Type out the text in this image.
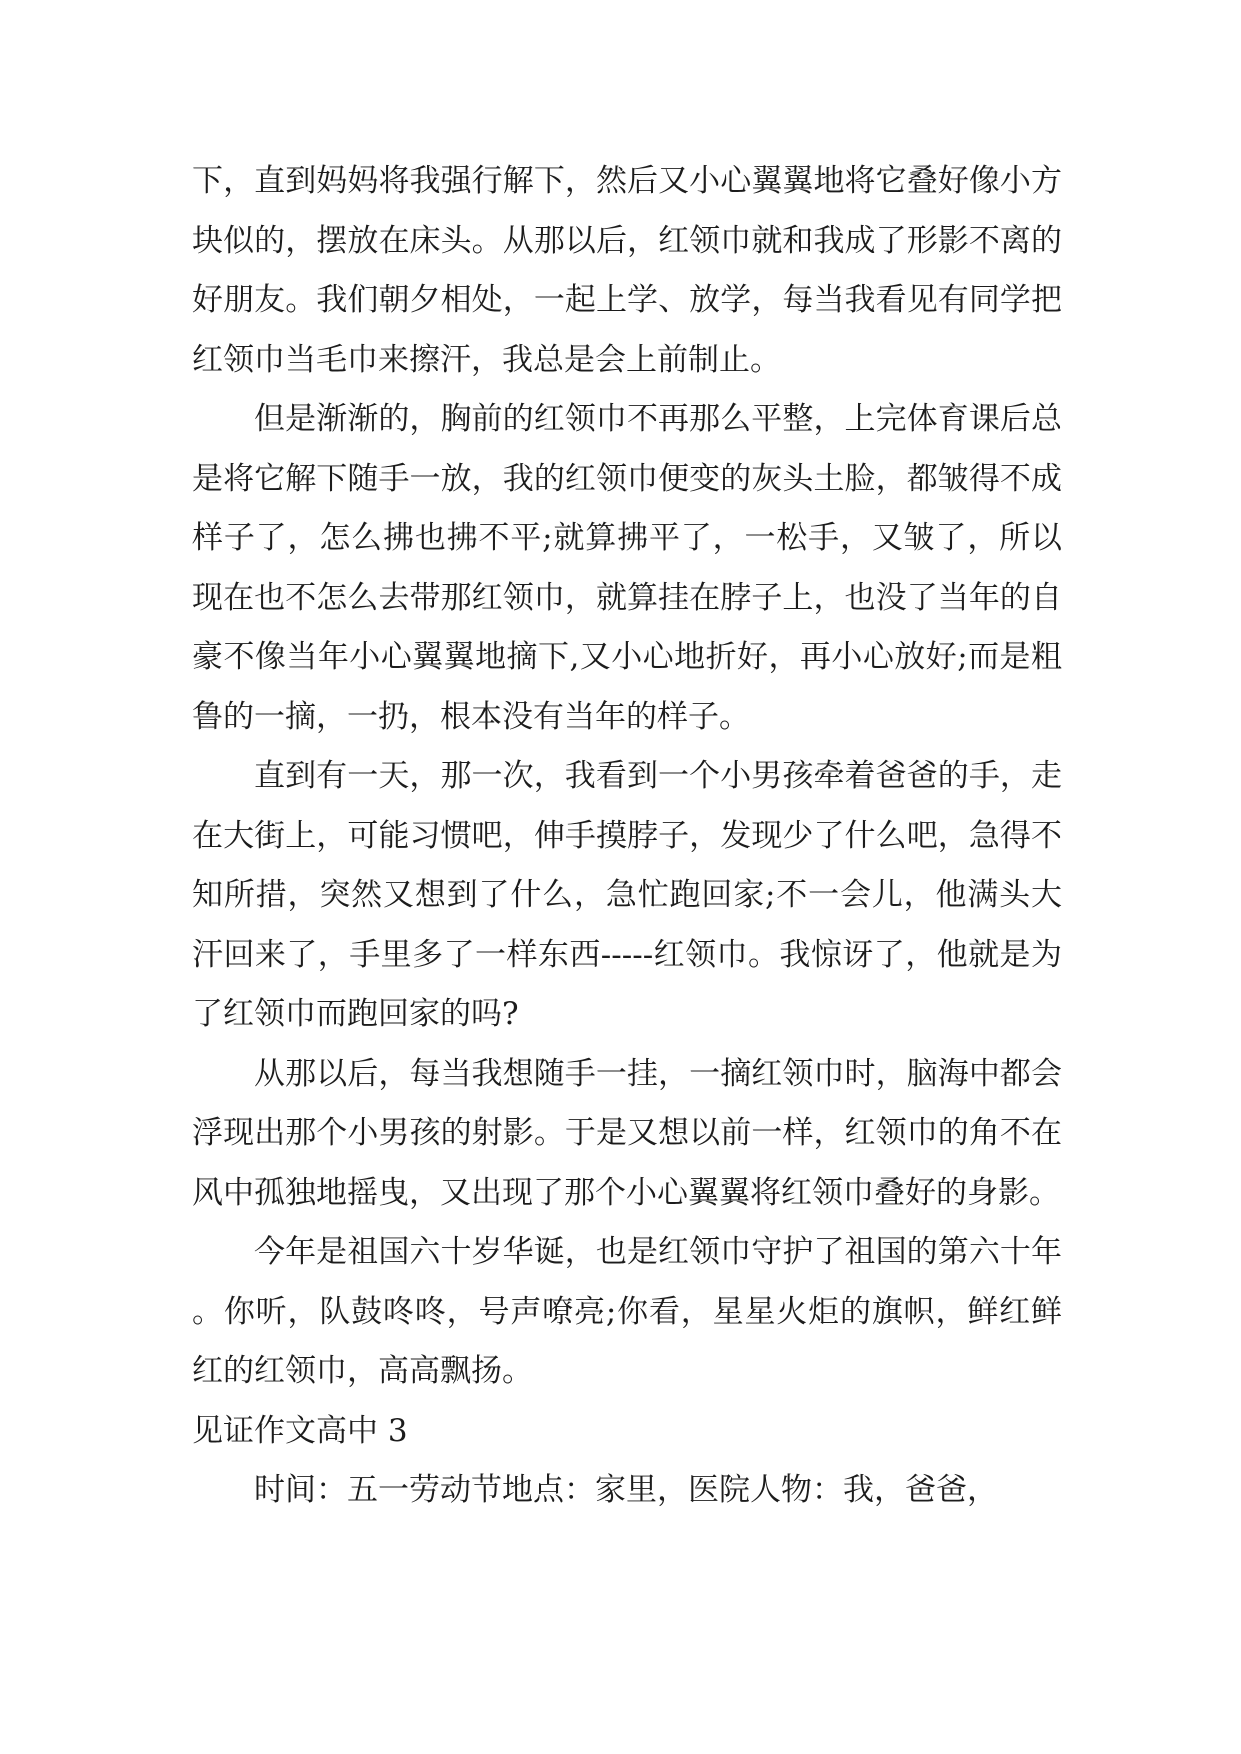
下，直到妈妈将我强行解下，然后又小心翼翼地将它叠好像小方块似的，摆放在床头。从那以后，红领巾就和我成了形影不离的好朋友。我们朝夕相处，一起上学、放学，每当我看见有同学把红领巾当毛巾来擦汗，我总是会上前制止。

但是渐渐的，胸前的红领巾不再那么平整，上完体育课后总是将它解下随手一放，我的红领巾便变的灰头土脸，都皱得不成样子了，怎么拂也拂不平;就算拂平了，一松手，又皱了，所以现在也不怎么去带那红领巾，就算挂在脖子上，也没了当年的自豪不像当年小心翼翼地摘下,又小心地折好，再小心放好;而是粗鲁的一摘，一扔，根本没有当年的样子。

直到有一天，那一次，我看到一个小男孩牵着爸爸的手，走在大街上，可能习惯吧，伸手摸脖子，发现少了什么吧，急得不知所措，突然又想到了什么，急忙跑回家;不一会儿，他满头大汗回来了，手里多了一样东西-----红领巾。我惊讶了，他就是为了红领巾而跑回家的吗?

从那以后，每当我想随手一挂，一摘红领巾时，脑海中都会浮现出那个小男孩的射影。于是又想以前一样，红领巾的角不在风中孤独地摇曳，又出现了那个小心翼翼将红领巾叠好的身影。

今年是祖国六十岁华诞，也是红领巾守护了祖国的第六十年。你听，队鼓咚咚，号声嘹亮;你看，星星火炬的旗帜，鲜红鲜红的红领巾，高高飘扬。

见证作文高中 3

时间：五一劳动节地点：家里，医院人物：我，爸爸，
